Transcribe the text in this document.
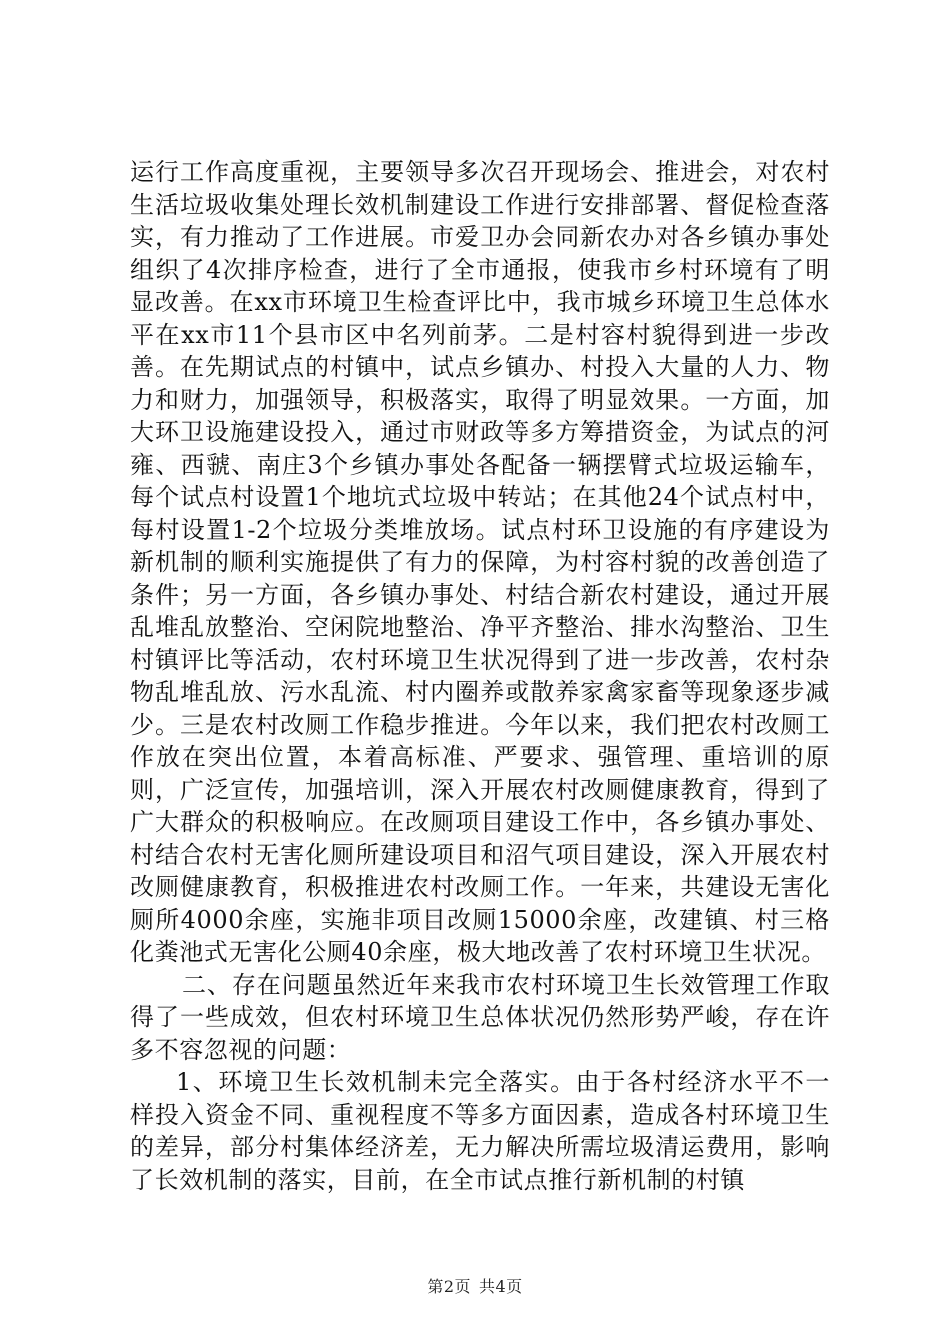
运行工作高度重视，主要领导多次召开现场会、推进会，对农村生活垃圾收集处理长效机制建设工作进行安排部署、督促检查落实，有力推动了工作进展。市爱卫办会同新农办对各乡镇办事处组织了4次排序检查，进行了全市通报，使我市乡村环境有了明显改善。在xx市环境卫生检查评比中，我市城乡环境卫生总体水平在xx市11个县市区中名列前茅。二是村容村貌得到进一步改善。在先期试点的村镇中，试点乡镇办、村投入大量的人力、物力和财力，加强领导，积极落实，取得了明显效果。一方面，加大环卫设施建设投入，通过市财政等多方筹措资金，为试点的河雍、西虢、南庄3个乡镇办事处各配备一辆摆臂式垃圾运输车，每个试点村设置1个地坑式垃圾中转站；在其他24个试点村中，每村设置1-2个垃圾分类堆放场。试点村环卫设施的有序建设为新机制的顺利实施提供了有力的保障，为村容村貌的改善创造了条件；另一方面，各乡镇办事处、村结合新农村建设，通过开展乱堆乱放整治、空闲院地整治、净平齐整治、排水沟整治、卫生村镇评比等活动，农村环境卫生状况得到了进一步改善，农村杂物乱堆乱放、污水乱流、村内圈养或散养家禽家畜等现象逐步减少。三是农村改厕工作稳步推进。今年以来，我们把农村改厕工作放在突出位置，本着高标准、严要求、强管理、重培训的原则，广泛宣传，加强培训，深入开展农村改厕健康教育，得到了广大群众的积极响应。在改厕项目建设工作中，各乡镇办事处、村结合农村无害化厕所建设项目和沼气项目建设，深入开展农村改厕健康教育，积极推进农村改厕工作。一年来，共建设无害化厕所4000余座，实施非项目改厕15000余座，改建镇、村三格化粪池式无害化公厕40余座，极大地改善了农村环境卫生状况。

二、存在问题虽然近年来我市农村环境卫生长效管理工作取得了一些成效，但农村环境卫生总体状况仍然形势严峻，存在许多不容忽视的问题：

1、环境卫生长效机制未完全落实。由于各村经济水平不一样投入资金不同、重视程度不等多方面因素，造成各村环境卫生的差异，部分村集体经济差，无力解决所需垃圾清运费用，影响了长效机制的落实，目前，在全市试点推行新机制的村镇

第2页 共4页
